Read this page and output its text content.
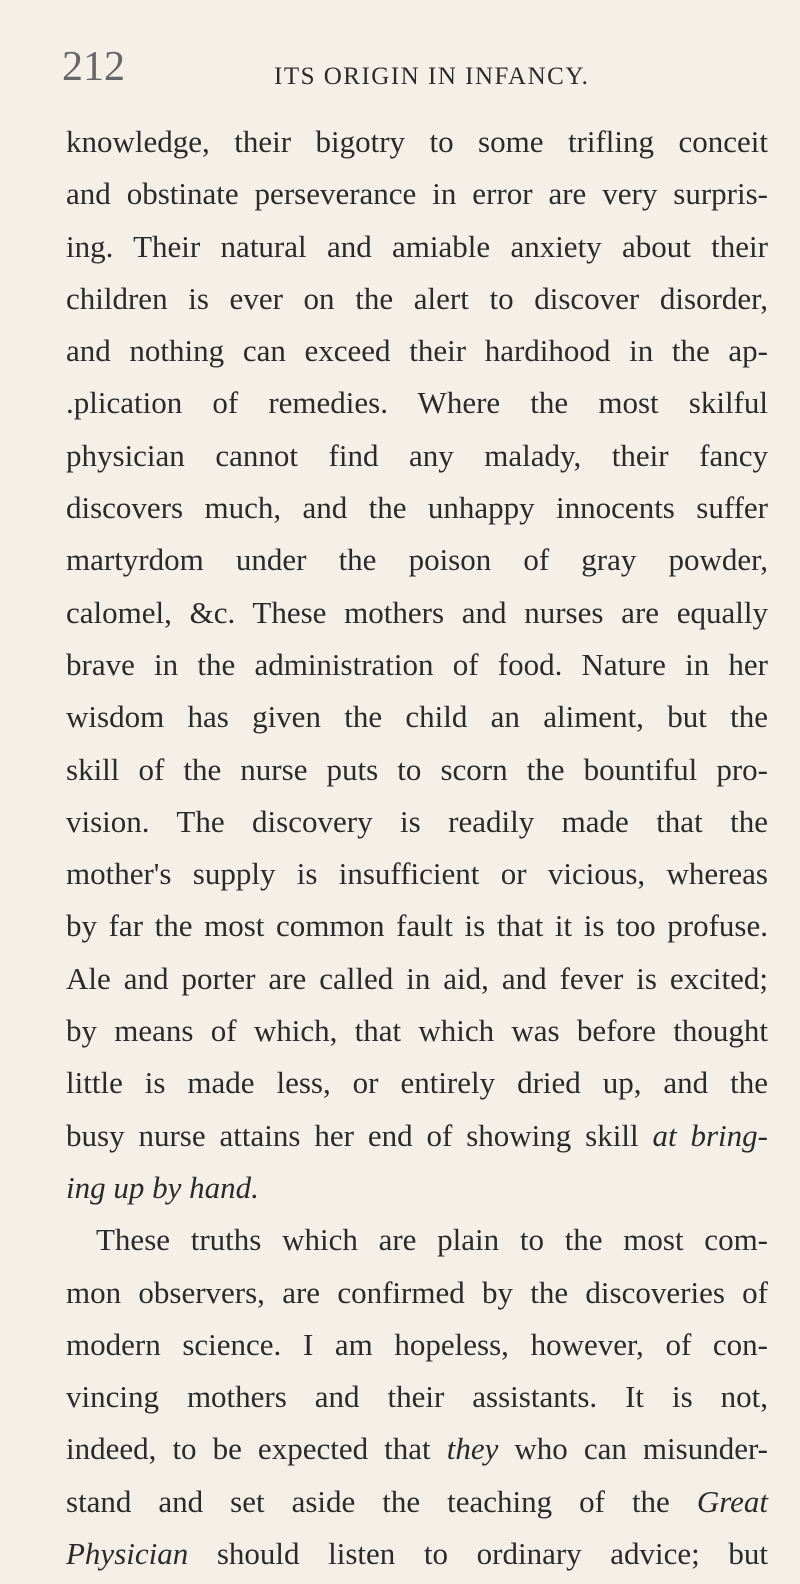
212	ITS ORIGIN IN INFANCY.
knowledge, their bigotry to some trifling conceit
and obstinate perseverance in error are very surpris-
ing. Their natural and amiable anxiety about their
children is ever on the alert to discover disorder,
and nothing can exceed their hardihood in the ap-
.plication of remedies. Where the most skilful
physician cannot find any malady, their fancy
discovers much, and the unhappy innocents suffer
martyrdom under the poison of gray powder,
calomel, &c. These mothers and nurses are equally
brave in the administration of food. Nature in her
wisdom has given the child an aliment, but the
skill of the nurse puts to scorn the bountiful pro-
vision. The discovery is readily made that the
mother's supply is insufficient or vicious, whereas
by far the most common fault is that it is too profuse.
Ale and porter are called in aid, and fever is excited;
by means of which, that which was before thought
little is made less, or entirely dried up, and the
busy nurse attains her end of showing skill at bring-
ing up by hand.
These truths which are plain to the most com-
mon observers, are confirmed by the discoveries of
modern science. I am hopeless, however, of con-
vincing mothers and their assistants. It is not,
indeed, to be expected that they who can misunder-
stand and set aside the teaching of the Great
Physician should listen to ordinary advice; but
